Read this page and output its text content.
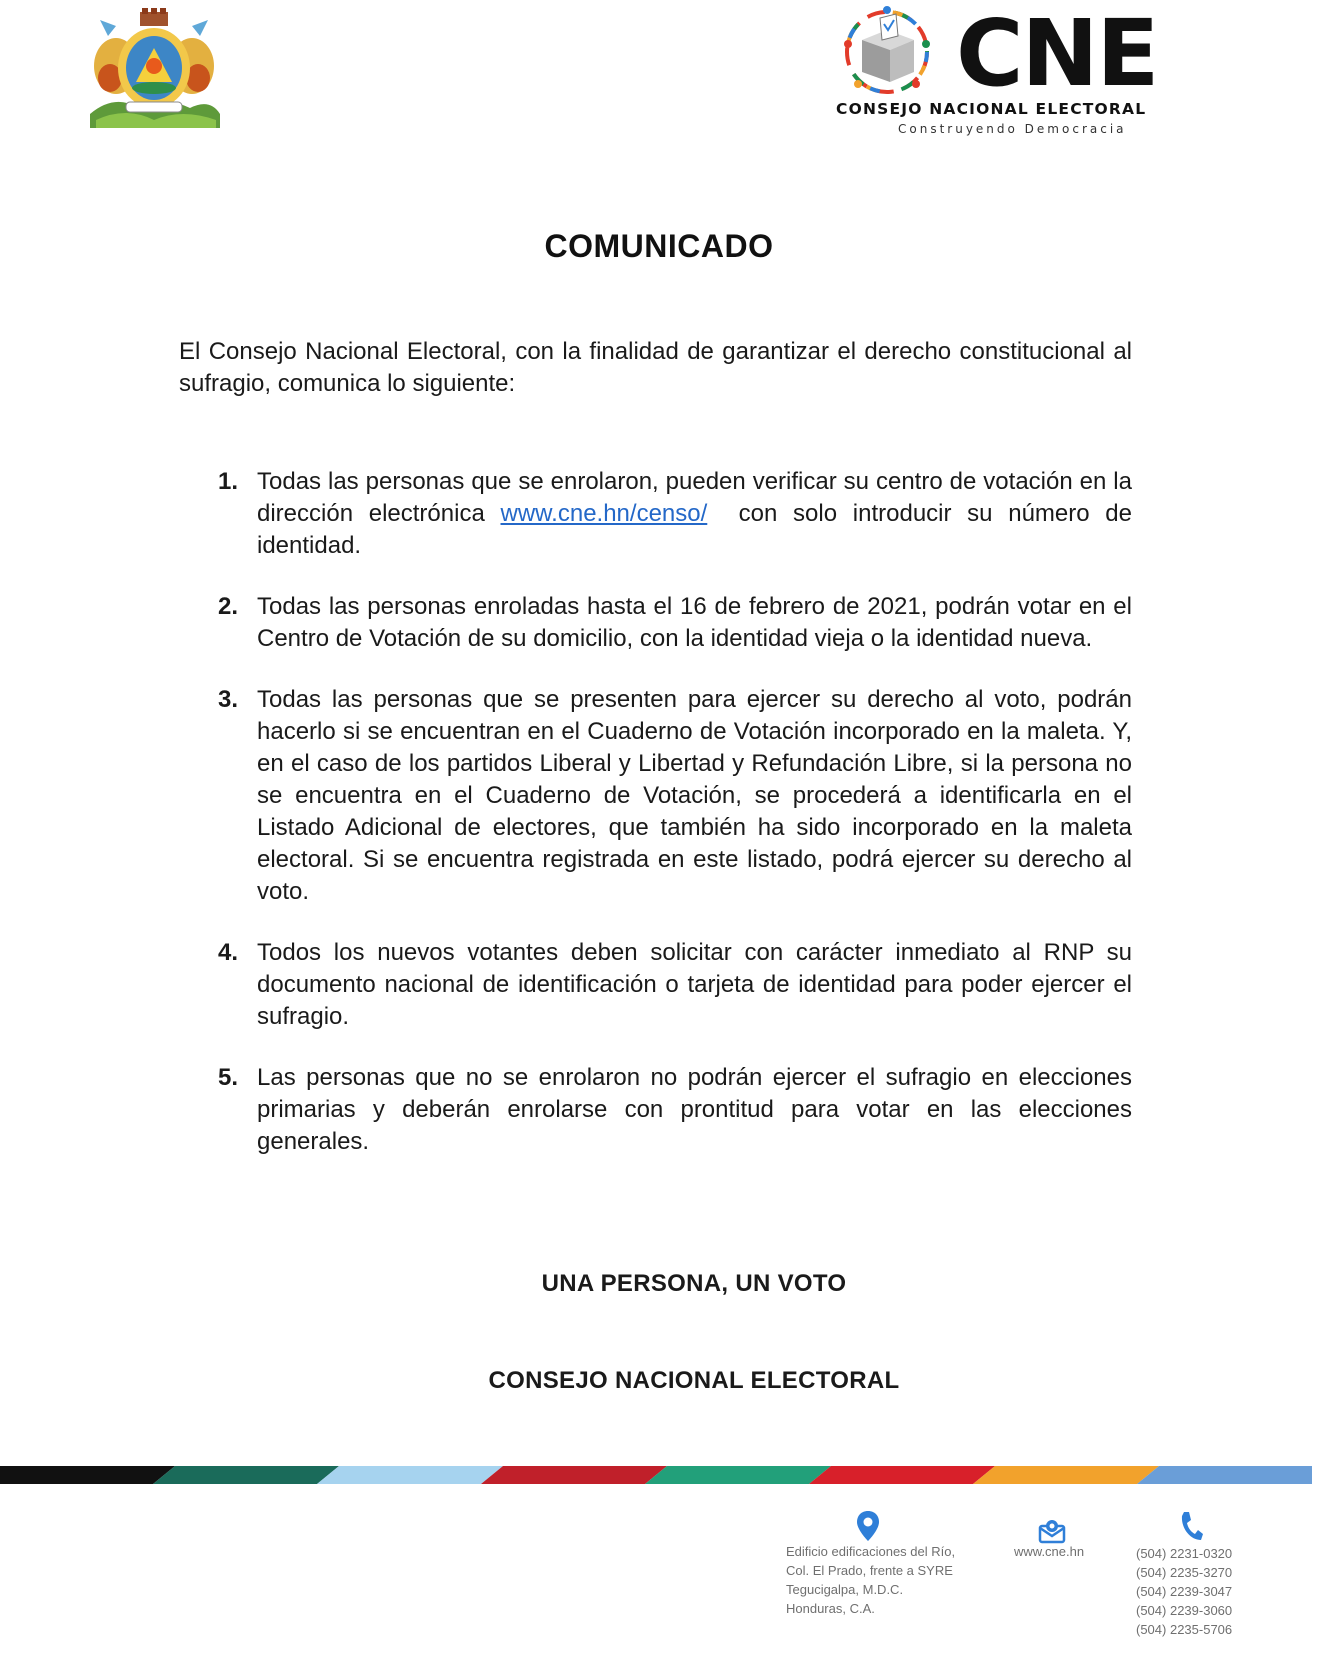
CNE
CONSEJO NACIONAL ELECTORAL
Construyendo Democracia
COMUNICADO

El Consejo Nacional Electoral, con la finalidad de garantizar el derecho constitucional al sufragio, comunica lo siguiente:

1. Todas las personas que se enrolaron, pueden verificar su centro de votación en la dirección electrónica www.cne.hn/censo/  con solo introducir su número de identidad.
2. Todas las personas enroladas hasta el 16 de febrero de 2021, podrán votar en el Centro de Votación de su domicilio, con la identidad vieja o la identidad nueva.
3. Todas las personas que se presenten para ejercer su derecho al voto, podrán hacerlo si se encuentran en el Cuaderno de Votación incorporado en la maleta. Y, en el caso de los partidos Liberal y Libertad y Refundación Libre, si la persona no se encuentra en el Cuaderno de Votación, se procederá a identificarla en el Listado Adicional de electores, que también ha sido incorporado en la maleta electoral. Si se encuentra registrada en este listado, podrá ejercer su derecho al voto.
4. Todos los nuevos votantes deben solicitar con carácter inmediato al RNP su documento nacional de identificación o tarjeta de identidad para poder ejercer el sufragio.
5. Las personas que no se enrolaron no podrán ejercer el sufragio en elecciones primarias y deberán enrolarse con prontitud para votar en las elecciones generales.
UNA PERSONA, UN VOTO
CONSEJO NACIONAL ELECTORAL
Edificio edificaciones del Río,
Col. El Prado, frente a SYRE
Tegucigalpa, M.D.C.
Honduras, C.A.
www.cne.hn	(504) 2231-0320
(504) 2235-3270
(504) 2239-3047
(504) 2239-3060
(504) 2235-5706
